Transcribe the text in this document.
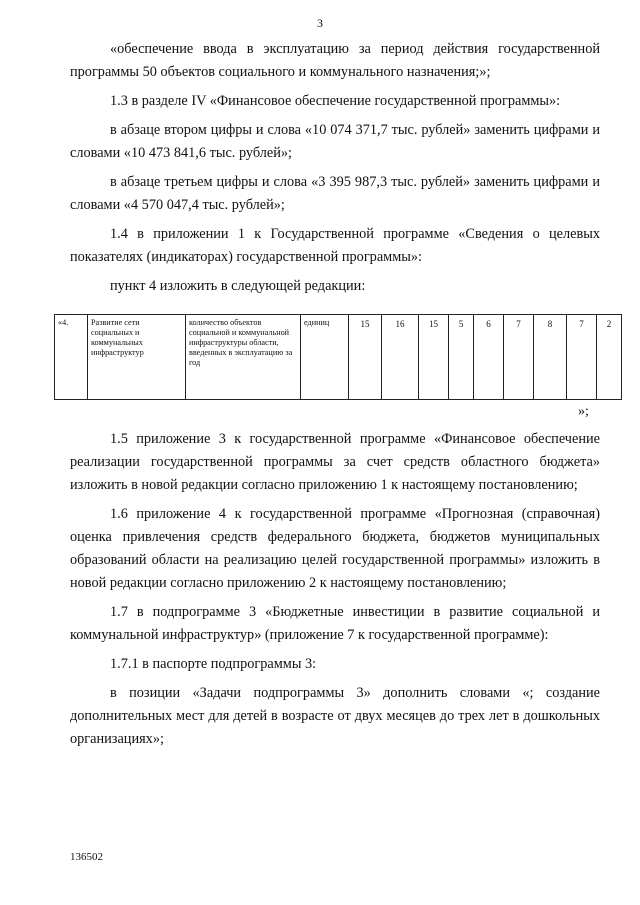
3

«обеспечение ввода в эксплуатацию за период действия государственной программы 50 объектов социального и коммунального назначения;»;

1.3 в разделе IV «Финансовое обеспечение государственной программы»:

в абзаце втором цифры и слова «10 074 371,7 тыс. рублей» заменить цифрами и словами «10 473 841,6 тыс. рублей»;

в абзаце третьем цифры и слова «3 395 987,3 тыс. рублей» заменить цифрами и словами «4 570 047,4 тыс. рублей»;

1.4 в приложении 1 к Государственной программе «Сведения о целевых показателях (индикаторах) государственной программы»:

пункт 4 изложить в следующей редакции:

«4.	Развитие сети социальных и коммунальных инфраструктур	количество объектов социальной и коммунальной инфраструктуры области, введенных в эксплуатацию за год	единиц	15	16	15	5	6	7	8	7	2
»;

1.5 приложение 3 к государственной программе «Финансовое обеспечение реализации государственной программы за счет средств областного бюджета» изложить в новой редакции согласно приложению 1 к настоящему постановлению;

1.6 приложение 4 к государственной программе «Прогнозная (справочная) оценка привлечения средств федерального бюджета, бюджетов муниципальных образований области на реализацию целей государственной программы» изложить в новой редакции согласно приложению 2 к настоящему постановлению;

1.7 в подпрограмме 3 «Бюджетные инвестиции в развитие социальной и коммунальной инфраструктур» (приложение 7 к государственной программе):

1.7.1 в паспорте подпрограммы 3:

в позиции «Задачи подпрограммы 3» дополнить словами «; создание дополнительных мест для детей в возрасте от двух месяцев до трех лет в дошкольных организациях»;

136502
